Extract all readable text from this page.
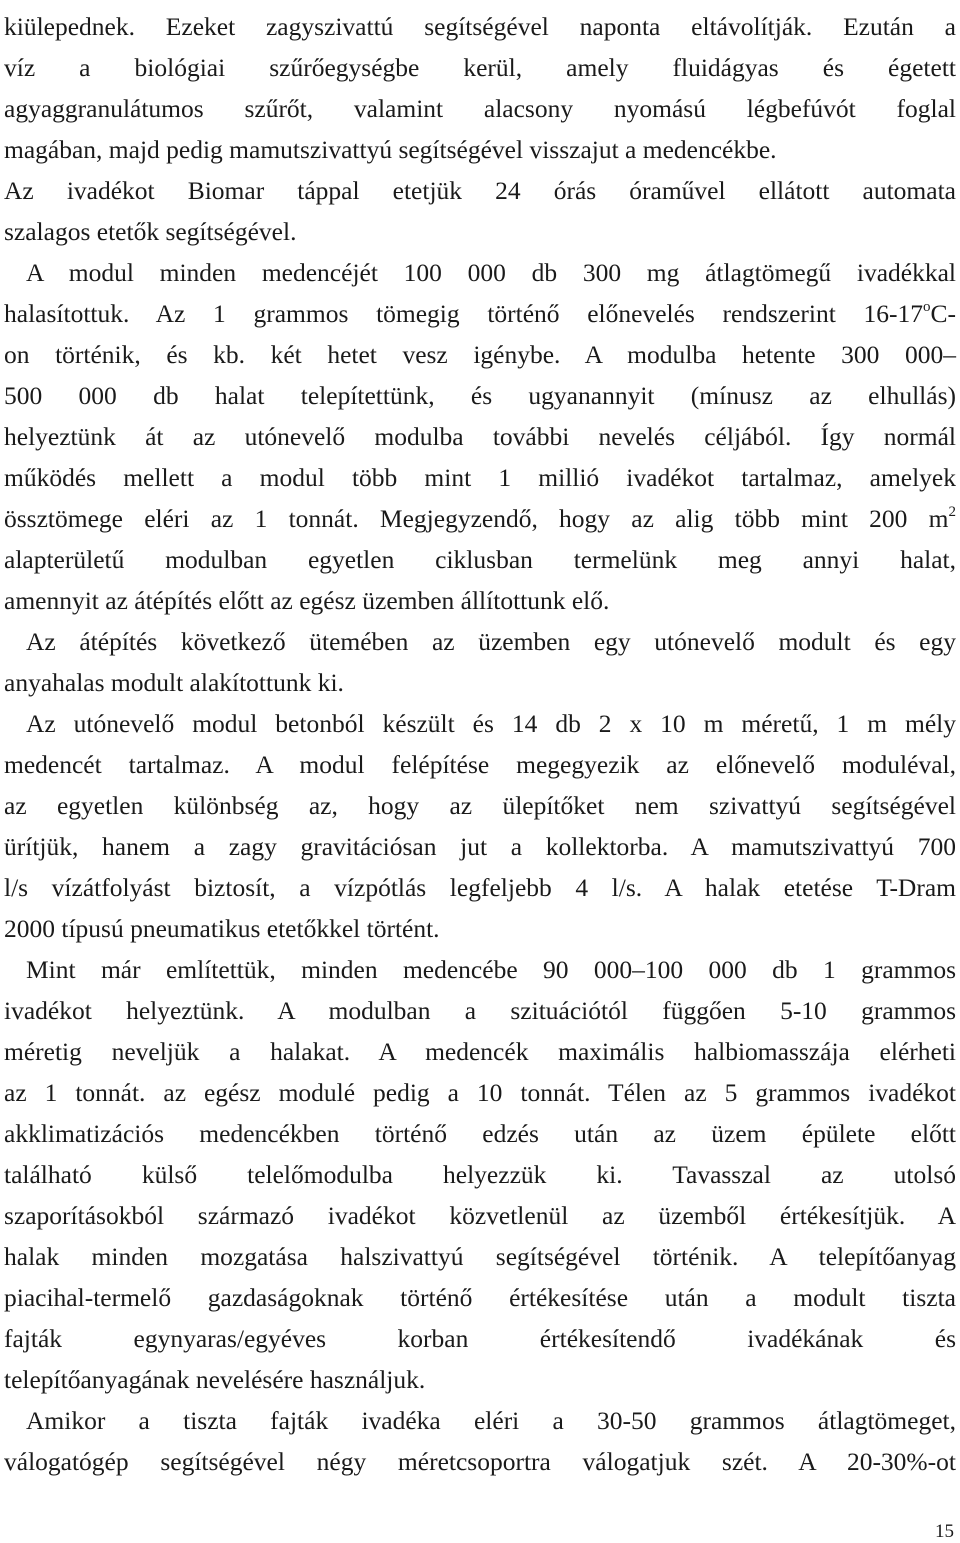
kiülepednek. Ezeket zagyszivattú segítségével naponta eltávolítják. Ezután a
víz a biológiai szűrőegységbe kerül, amely fluidágyas és égetett
agyaggranulátumos szűrőt, valamint alacsony nyomású légbefúvót foglal
magában, majd pedig mamutszivattyú segítségével visszajut a medencékbe.
Az ivadékot Biomar táppal etetjük 24 órás óraművel ellátott automata
szalagos etetők segítségével.
A modul minden medencéjét 100 000 db 300 mg átlagtömegű ivadékkal
halasítottuk. Az 1 grammos tömegig történő előnevelés rendszerint 16-17$^o$C-
on történik, és kb. két hetet vesz igénybe. A modulba hetente 300 000–
500 000 db halat telepítettünk, és ugyanannyit (mínusz az elhullás)
helyeztünk át az utónevelő modulba további nevelés céljából. Így normál
működés mellett a modul több mint 1 millió ivadékot tartalmaz, amelyek
össztömege eléri az 1 tonnát. Megjegyzendő, hogy az alig több mint 200 $m^2$
alapterületű modulban egyetlen ciklusban termelünk meg annyi halat,
amennyit az átépítés előtt az egész üzemben állítottunk elő.
Az átépítés következő ütemében az üzemben egy utónevelő modult és egy
anyahalas modult alakítottunk ki.
Az utónevelő modul betonból készült és 14 db 2 x 10 m méretű, 1 m mély
medencét tartalmaz. A modul felépítése megegyezik az előnevelő moduléval,
az egyetlen különbség az, hogy az ülepítőket nem szivattyú segítségével
ürítjük, hanem a zagy gravitációsan jut a kollektorba. A mamutszivattyú 700
l/s vízátfolyást biztosít, a vízpótlás legfeljebb 4 l/s. A halak etetése T-Dram
2000 típusú pneumatikus etetőkkel történt.
Mint már említettük, minden medencébe 90 000–100 000 db 1 grammos
ivadékot helyeztünk. A modulban a szituációtól függően 5-10 grammos
méretig neveljük a halakat. A medencék maximális halbiomasszája elérheti
az 1 tonnát. az egész modulé pedig a 10 tonnát. Télen az 5 grammos ivadékot
akklimatizációs medencékben történő edzés után az üzem épülete előtt
található külső telelőmodulba helyezzük ki. Tavasszal az utolsó
szaporításokból származó ivadékot közvetlenül az üzemből értékesítjük. A
halak minden mozgatása halszivattyú segítségével történik. A telepítőanyag
piacihal-termelő gazdaságoknak történő értékesítése után a modult tiszta
fajták egynyaras/egyéves korban értékesítendő ivadékának és
telepítőanyagának nevelésére használjuk.
Amikor a tiszta fajták ivadéka eléri a 30-50 grammos átlagtömeget,
válogatógép segítségével négy méretcsoportra válogatjuk szét. A 20-30%-ot
15
